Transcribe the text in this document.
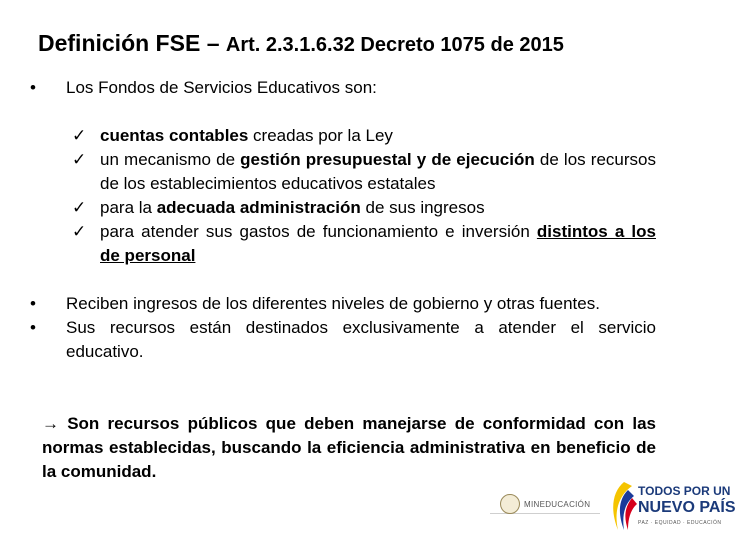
Definición FSE – Art. 2.3.1.6.32 Decreto 1075 de 2015
•	Los Fondos de Servicios Educativos son:
✓ cuentas contables creadas por la Ley
✓ un mecanismo de gestión presupuestal y de ejecución de los recursos de los establecimientos educativos estatales
✓ para la adecuada administración de sus ingresos
✓ para atender sus gastos de funcionamiento e inversión distintos a los de personal
•	Reciben ingresos de los diferentes niveles de gobierno y otras fuentes.
•	Sus recursos están destinados exclusivamente a atender el servicio educativo.
→ Son recursos públicos que deben manejarse de conformidad con las normas establecidas, buscando la eficiencia administrativa en beneficio de la comunidad.
MINEDUCACIÓN
TODOS POR UN
NUEVO PAÍS
PAZ · EQUIDAD · EDUCACIÓN
